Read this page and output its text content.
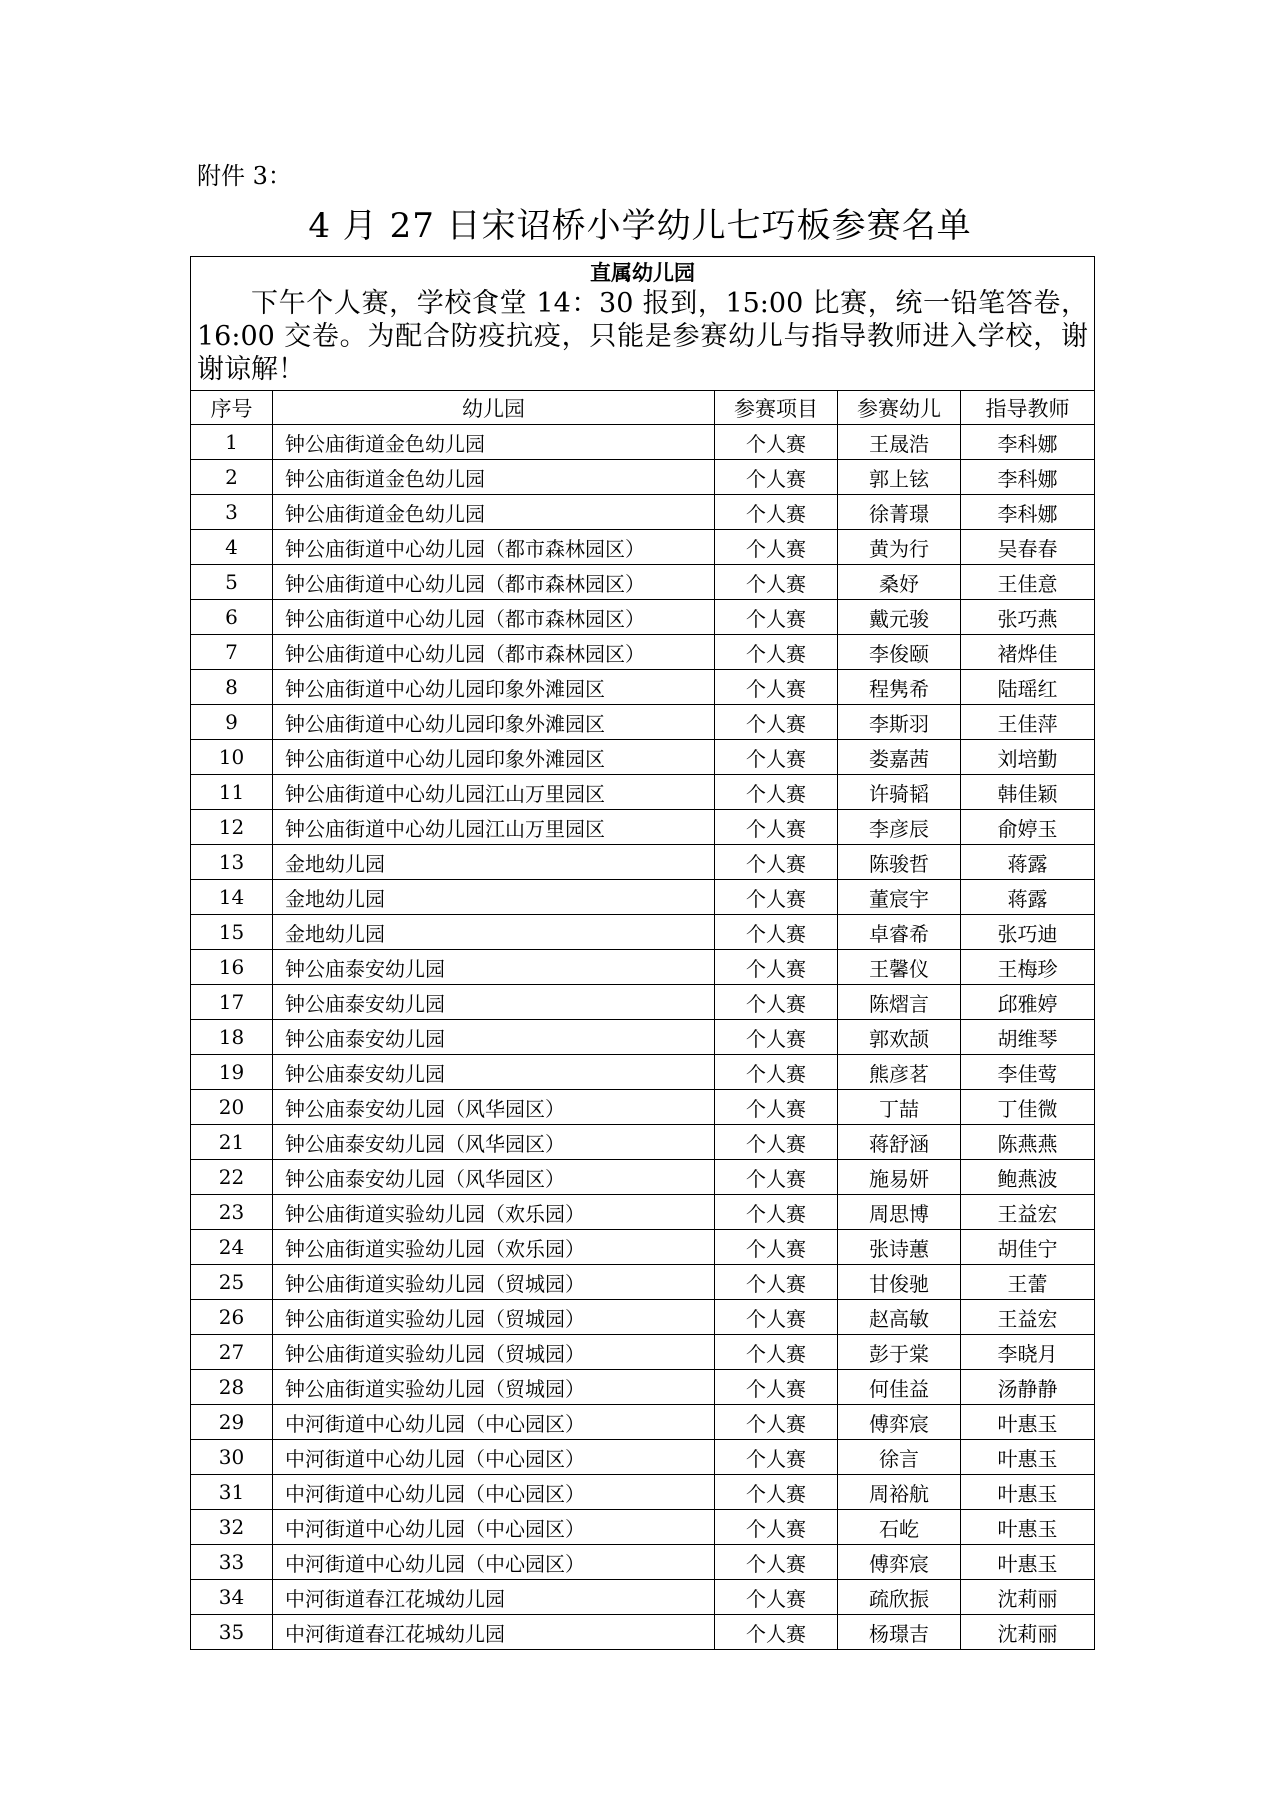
附件 3：
4 月 27 日宋诏桥小学幼儿七巧板参赛名单
直属幼儿园
下午个人赛，学校食堂 14：30 报到，15:00 比赛，统一铅笔答卷，16:00 交卷。为配合防疫抗疫，只能是参赛幼儿与指导教师进入学校，谢谢谅解！				

序号	幼儿园	参赛项目	参赛幼儿	指导教师
1	钟公庙街道金色幼儿园	个人赛	王晟浩	李科娜
2	钟公庙街道金色幼儿园	个人赛	郭上铉	李科娜
3	钟公庙街道金色幼儿园	个人赛	徐菁璟	李科娜
4	钟公庙街道中心幼儿园（都市森林园区）	个人赛	黄为行	吴春春
5	钟公庙街道中心幼儿园（都市森林园区）	个人赛	桑妤	王佳意
6	钟公庙街道中心幼儿园（都市森林园区）	个人赛	戴元骏	张巧燕
7	钟公庙街道中心幼儿园（都市森林园区）	个人赛	李俊颐	褚烨佳
8	钟公庙街道中心幼儿园印象外滩园区	个人赛	程隽希	陆瑶红
9	钟公庙街道中心幼儿园印象外滩园区	个人赛	李斯羽	王佳萍
10	钟公庙街道中心幼儿园印象外滩园区	个人赛	娄嘉茜	刘培勤
11	钟公庙街道中心幼儿园江山万里园区	个人赛	许骑韬	韩佳颖
12	钟公庙街道中心幼儿园江山万里园区	个人赛	李彦辰	俞婷玉
13	金地幼儿园	个人赛	陈骏哲	蒋露
14	金地幼儿园	个人赛	董宸宇	蒋露
15	金地幼儿园	个人赛	卓睿希	张巧迪
16	钟公庙泰安幼儿园	个人赛	王馨仪	王梅珍
17	钟公庙泰安幼儿园	个人赛	陈熠言	邱雅婷
18	钟公庙泰安幼儿园	个人赛	郭欢颉	胡维琴
19	钟公庙泰安幼儿园	个人赛	熊彦茗	李佳莺
20	钟公庙泰安幼儿园（风华园区）	个人赛	丁喆	丁佳微
21	钟公庙泰安幼儿园（风华园区）	个人赛	蒋舒涵	陈燕燕
22	钟公庙泰安幼儿园（风华园区）	个人赛	施易妍	鲍燕波
23	钟公庙街道实验幼儿园（欢乐园）	个人赛	周思博	王益宏
24	钟公庙街道实验幼儿园（欢乐园）	个人赛	张诗蕙	胡佳宁
25	钟公庙街道实验幼儿园（贸城园）	个人赛	甘俊驰	王蕾
26	钟公庙街道实验幼儿园（贸城园）	个人赛	赵高敏	王益宏
27	钟公庙街道实验幼儿园（贸城园）	个人赛	彭于棠	李晓月
28	钟公庙街道实验幼儿园（贸城园）	个人赛	何佳益	汤静静
29	中河街道中心幼儿园（中心园区）	个人赛	傅弈宸	叶惠玉
30	中河街道中心幼儿园（中心园区）	个人赛	徐言	叶惠玉
31	中河街道中心幼儿园（中心园区）	个人赛	周裕航	叶惠玉
32	中河街道中心幼儿园（中心园区）	个人赛	石屹	叶惠玉
33	中河街道中心幼儿园（中心园区）	个人赛	傅弈宸	叶惠玉
34	中河街道春江花城幼儿园	个人赛	疏欣振	沈莉丽
35	中河街道春江花城幼儿园	个人赛	杨璟吉	沈莉丽
